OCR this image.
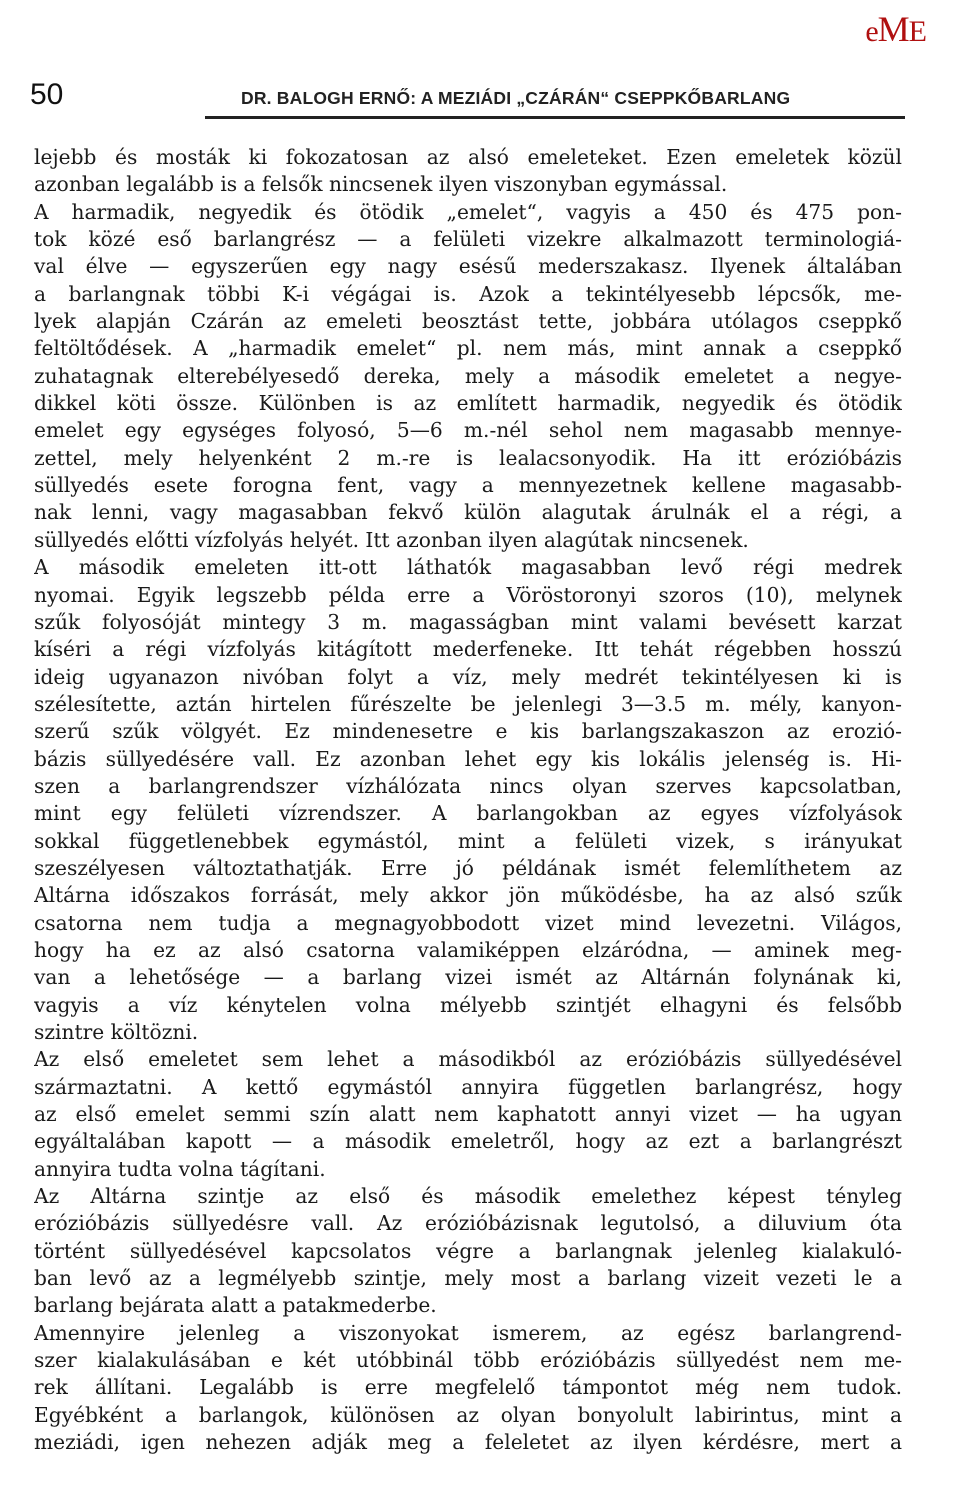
eME
50	DR. BALOGH ERNŐ: A MEZIÁDI „CZÁRÁN“ CSEPPKŐBARLANG
lejebb és mosták ki fokozatosan az alsó emeleteket. Ezen emeletek közül
azonban legalább is a felsők nincsenek ilyen viszonyban egymással.
A harmadik, negyedik és ötödik „emelet“, vagyis a 450 és 475 pon-
tok közé eső barlangrész — a felületi vizekre alkalmazott terminologiá-
val élve — egyszerűen egy nagy esésű mederszakasz. Ilyenek általában
a barlangnak többi K-i végágai is. Azok a tekintélyesebb lépcsők, me-
lyek alapján Czárán az emeleti beosztást tette, jobbára utólagos cseppkő
feltöltődések. A „harmadik emelet“ pl. nem más, mint annak a cseppkő
zuhatagnak elterebélyesedő dereka, mely a második emeletet a negye-
dikkel köti össze. Különben is az említett harmadik, negyedik és ötödik
emelet egy egységes folyosó, 5—6 m.-nél sehol nem magasabb mennye-
zettel, mely helyenként 2 m.-re is lealacsonyodik. Ha itt erózióbázis
süllyedés esete forogna fent, vagy a mennyezetnek kellene magasabb-
nak lenni, vagy magasabban fekvő külön alagutak árulnák el a régi, a
süllyedés előtti vízfolyás helyét. Itt azonban ilyen alagútak nincsenek.
A második emeleten itt-ott láthatók magasabban levő régi medrek
nyomai. Egyik legszebb példa erre a Vöröstoronyi szoros (10), melynek
szűk folyosóját mintegy 3 m. magasságban mint valami bevésett karzat
kíséri a régi vízfolyás kitágított mederfeneke. Itt tehát régebben hosszú
ideig ugyanazon nivóban folyt a víz, mely medrét tekintélyesen ki is
szélesítette, aztán hirtelen fűrészelte be jelenlegi 3—3.5 m. mély, kanyon-
szerű szűk völgyét. Ez mindenesetre e kis barlangszakaszon az erozió-
bázis süllyedésére vall. Ez azonban lehet egy kis lokális jelenség is. Hi-
szen a barlangrendszer vízhálózata nincs olyan szerves kapcsolatban,
mint egy felületi vízrendszer. A barlangokban az egyes vízfolyások
sokkal függetlenebbek egymástól, mint a felületi vizek, s irányukat
szeszélyesen változtathatják. Erre jó példának ismét felemlíthetem az
Altárna időszakos forrását, mely akkor jön működésbe, ha az alsó szűk
csatorna nem tudja a megnagyobbodott vizet mind levezetni. Világos,
hogy ha ez az alsó csatorna valamiképpen elzáródna, — aminek meg-
van a lehetősége — a barlang vizei ismét az Altárnán folynának ki,
vagyis a víz kénytelen volna mélyebb szintjét elhagyni és felsőbb
szintre költözni.
Az első emeletet sem lehet a másodikból az erózióbázis süllyedésével
származtatni. A kettő egymástól annyira független barlangrész, hogy
az első emelet semmi szín alatt nem kaphatott annyi vizet — ha ugyan
egyáltalában kapott — a második emeletről, hogy az ezt a barlangrészt
annyira tudta volna tágítani.
Az Altárna szintje az első és második emelethez képest tényleg
erózióbázis süllyedésre vall. Az erózióbázisnak legutolsó, a diluvium óta
történt süllyedésével kapcsolatos végre a barlangnak jelenleg kialakuló-
ban levő az a legmélyebb szintje, mely most a barlang vizeit vezeti le a
barlang bejárata alatt a patakmederbe.
Amennyire jelenleg a viszonyokat ismerem, az egész barlangrend-
szer kialakulásában e két utóbbinál több erózióbázis süllyedést nem me-
rek állítani. Legalább is erre megfelelő támpontot még nem tudok.
Egyébként a barlangok, különösen az olyan bonyolult labirintus, mint a
meziádi, igen nehezen adják meg a feleletet az ilyen kérdésre, mert a
